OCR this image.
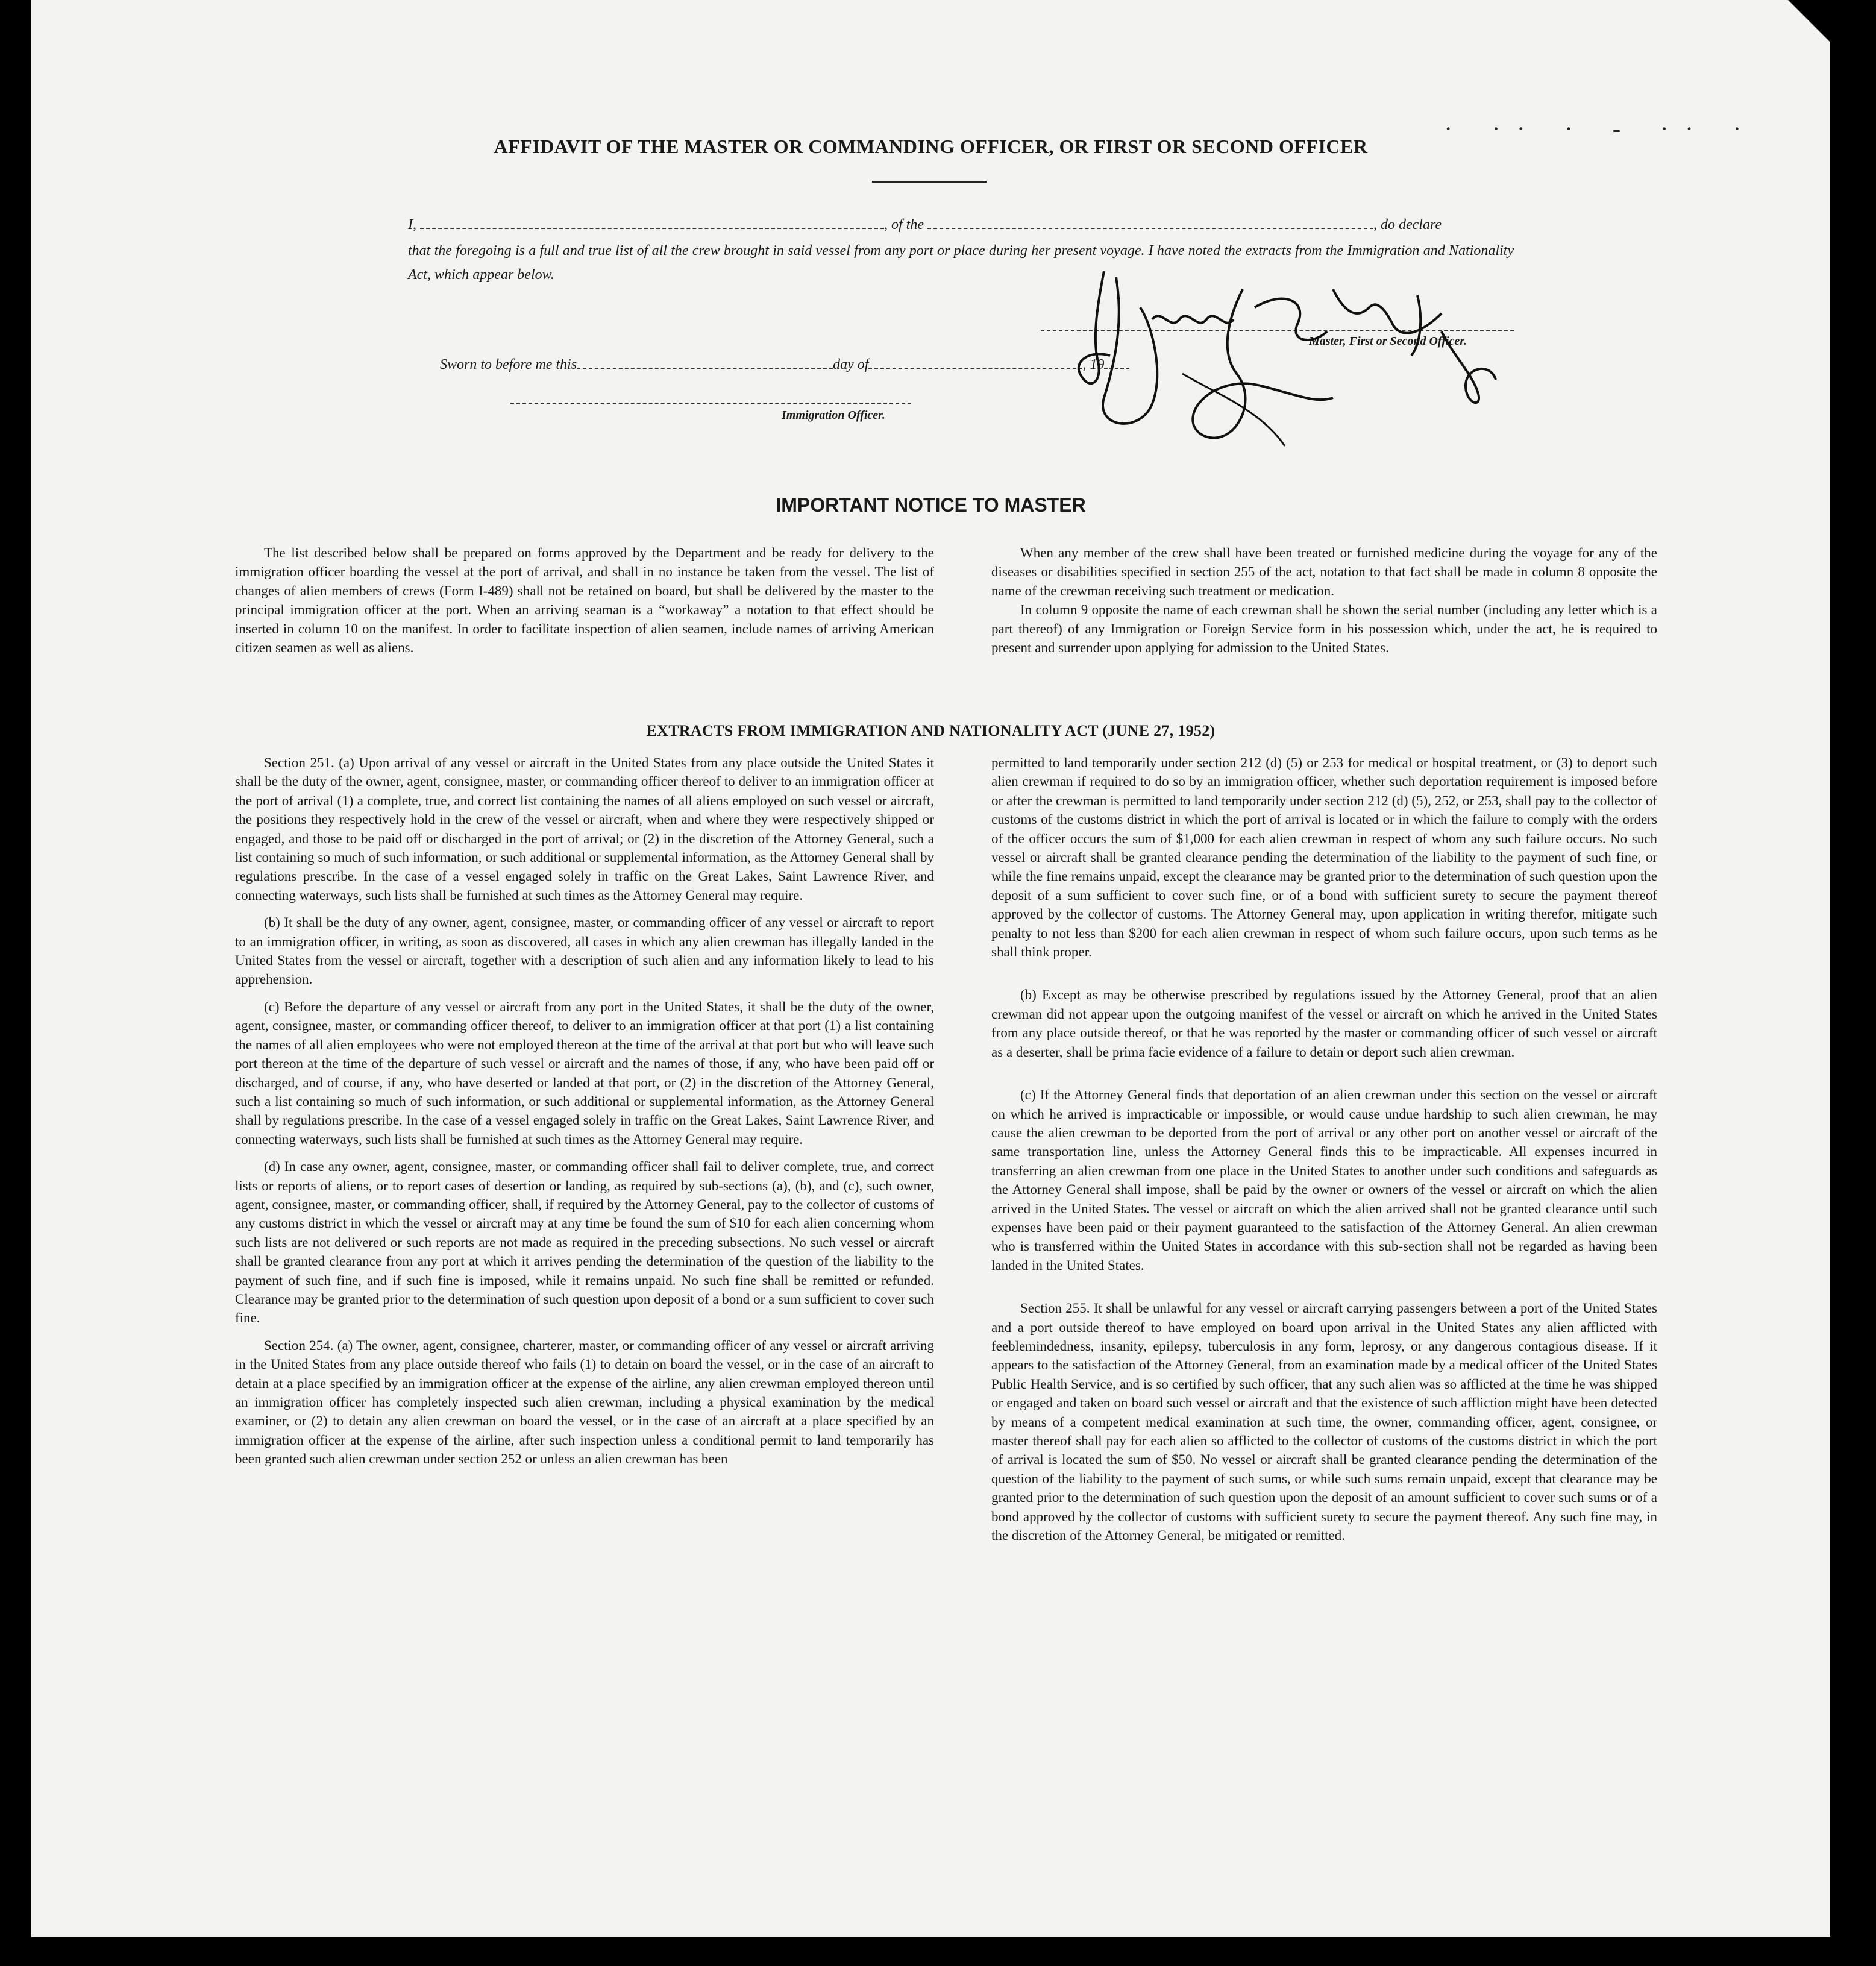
· ·· · - ·· ·
AFFIDAVIT OF THE MASTER OR COMMANDING OFFICER, OR FIRST OR SECOND OFFICER
I,	, of the	, do declare
that the foregoing is a full and true list of all the crew brought in said vessel from any port or place during her present voyage. I have noted the extracts from the Immigration and Nationality Act, which appear below.
Master, First or Second Officer.
Sworn to before me this	day of	, 19
Immigration Officer.
IMPORTANT NOTICE TO MASTER

The list described below shall be prepared on forms approved by the Department and be ready for delivery to the immigration officer boarding the vessel at the port of arrival, and shall in no instance be taken from the vessel. The list of changes of alien members of crews (Form I-489) shall not be retained on board, but shall be delivered by the master to the principal immigration officer at the port. When an arriving seaman is a “workaway” a notation to that effect should be inserted in column 10 on the manifest. In order to facilitate inspection of alien seamen, include names of arriving American citizen seamen as well as aliens.

When any member of the crew shall have been treated or furnished medicine during the voyage for any of the diseases or disabilities specified in section 255 of the act, notation to that fact shall be made in column 8 opposite the name of the crewman receiving such treatment or medication.

In column 9 opposite the name of each crewman shall be shown the serial number (including any letter which is a part thereof) of any Immigration or Foreign Service form in his possession which, under the act, he is required to present and surrender upon applying for admission to the United States.

EXTRACTS FROM IMMIGRATION AND NATIONALITY ACT (JUNE 27, 1952)

Section 251. (a) Upon arrival of any vessel or aircraft in the United States from any place outside the United States it shall be the duty of the owner, agent, consignee, master, or commanding officer thereof to deliver to an immigration officer at the port of arrival (1) a complete, true, and correct list containing the names of all aliens employed on such vessel or aircraft, the positions they respectively hold in the crew of the vessel or aircraft, when and where they were respectively shipped or engaged, and those to be paid off or discharged in the port of arrival; or (2) in the discretion of the Attorney General, such a list containing so much of such information, or such additional or supplemental information, as the Attorney General shall by regulations prescribe. In the case of a vessel engaged solely in traffic on the Great Lakes, Saint Lawrence River, and connecting waterways, such lists shall be furnished at such times as the Attorney General may require.

(b) It shall be the duty of any owner, agent, consignee, master, or commanding officer of any vessel or aircraft to report to an immigration officer, in writing, as soon as discovered, all cases in which any alien crewman has illegally landed in the United States from the vessel or aircraft, together with a description of such alien and any information likely to lead to his apprehension.

(c) Before the departure of any vessel or aircraft from any port in the United States, it shall be the duty of the owner, agent, consignee, master, or commanding officer thereof, to deliver to an immigration officer at that port (1) a list containing the names of all alien employees who were not employed thereon at the time of the arrival at that port but who will leave such port thereon at the time of the departure of such vessel or aircraft and the names of those, if any, who have been paid off or discharged, and of course, if any, who have deserted or landed at that port, or (2) in the discretion of the Attorney General, such a list containing so much of such information, or such additional or supplemental information, as the Attorney General shall by regulations prescribe. In the case of a vessel engaged solely in traffic on the Great Lakes, Saint Lawrence River, and connecting waterways, such lists shall be furnished at such times as the Attorney General may require.

(d) In case any owner, agent, consignee, master, or commanding officer shall fail to deliver complete, true, and correct lists or reports of aliens, or to report cases of desertion or landing, as required by sub-sections (a), (b), and (c), such owner, agent, consignee, master, or commanding officer, shall, if required by the Attorney General, pay to the collector of customs of any customs district in which the vessel or aircraft may at any time be found the sum of $10 for each alien concerning whom such lists are not delivered or such reports are not made as required in the preceding subsections. No such vessel or aircraft shall be granted clearance from any port at which it arrives pending the determination of the question of the liability to the payment of such fine, and if such fine is imposed, while it remains unpaid. No such fine shall be remitted or refunded. Clearance may be granted prior to the determination of such question upon deposit of a bond or a sum sufficient to cover such fine.

Section 254. (a) The owner, agent, consignee, charterer, master, or commanding officer of any vessel or aircraft arriving in the United States from any place outside thereof who fails (1) to detain on board the vessel, or in the case of an aircraft to detain at a place specified by an immigration officer at the expense of the airline, any alien crewman employed thereon until an immigration officer has completely inspected such alien crewman, including a physical examination by the medical examiner, or (2) to detain any alien crewman on board the vessel, or in the case of an aircraft at a place specified by an immigration officer at the expense of the airline, after such inspection unless a conditional permit to land temporarily has been granted such alien crewman under section 252 or unless an alien crewman has been

permitted to land temporarily under section 212 (d) (5) or 253 for medical or hospital treatment, or (3) to deport such alien crewman if required to do so by an immigration officer, whether such deportation requirement is imposed before or after the crewman is permitted to land temporarily under section 212 (d) (5), 252, or 253, shall pay to the collector of customs of the customs district in which the port of arrival is located or in which the failure to comply with the orders of the officer occurs the sum of $1,000 for each alien crewman in respect of whom any such failure occurs. No such vessel or aircraft shall be granted clearance pending the determination of the liability to the payment of such fine, or while the fine remains unpaid, except the clearance may be granted prior to the determination of such question upon the deposit of a sum sufficient to cover such fine, or of a bond with sufficient surety to secure the payment thereof approved by the collector of customs. The Attorney General may, upon application in writing therefor, mitigate such penalty to not less than $200 for each alien crewman in respect of whom such failure occurs, upon such terms as he shall think proper.

(b) Except as may be otherwise prescribed by regulations issued by the Attorney General, proof that an alien crewman did not appear upon the outgoing manifest of the vessel or aircraft on which he arrived in the United States from any place outside thereof, or that he was reported by the master or commanding officer of such vessel or aircraft as a deserter, shall be prima facie evidence of a failure to detain or deport such alien crewman.

(c) If the Attorney General finds that deportation of an alien crewman under this section on the vessel or aircraft on which he arrived is impracticable or impossible, or would cause undue hardship to such alien crewman, he may cause the alien crewman to be deported from the port of arrival or any other port on another vessel or aircraft of the same transportation line, unless the Attorney General finds this to be impracticable. All expenses incurred in transferring an alien crewman from one place in the United States to another under such conditions and safeguards as the Attorney General shall impose, shall be paid by the owner or owners of the vessel or aircraft on which the alien arrived in the United States. The vessel or aircraft on which the alien arrived shall not be granted clearance until such expenses have been paid or their payment guaranteed to the satisfaction of the Attorney General. An alien crewman who is transferred within the United States in accordance with this sub-section shall not be regarded as having been landed in the United States.

Section 255. It shall be unlawful for any vessel or aircraft carrying passengers between a port of the United States and a port outside thereof to have employed on board upon arrival in the United States any alien afflicted with feeblemindedness, insanity, epilepsy, tuberculosis in any form, leprosy, or any dangerous contagious disease. If it appears to the satisfaction of the Attorney General, from an examination made by a medical officer of the United States Public Health Service, and is so certified by such officer, that any such alien was so afflicted at the time he was shipped or engaged and taken on board such vessel or aircraft and that the existence of such affliction might have been detected by means of a competent medical examination at such time, the owner, commanding officer, agent, consignee, or master thereof shall pay for each alien so afflicted to the collector of customs of the customs district in which the port of arrival is located the sum of $50. No vessel or aircraft shall be granted clearance pending the determination of the question of the liability to the payment of such sums, or while such sums remain unpaid, except that clearance may be granted prior to the determination of such question upon the deposit of an amount sufficient to cover such sums or of a bond approved by the collector of customs with sufficient surety to secure the payment thereof. Any such fine may, in the discretion of the Attorney General, be mitigated or remitted.
